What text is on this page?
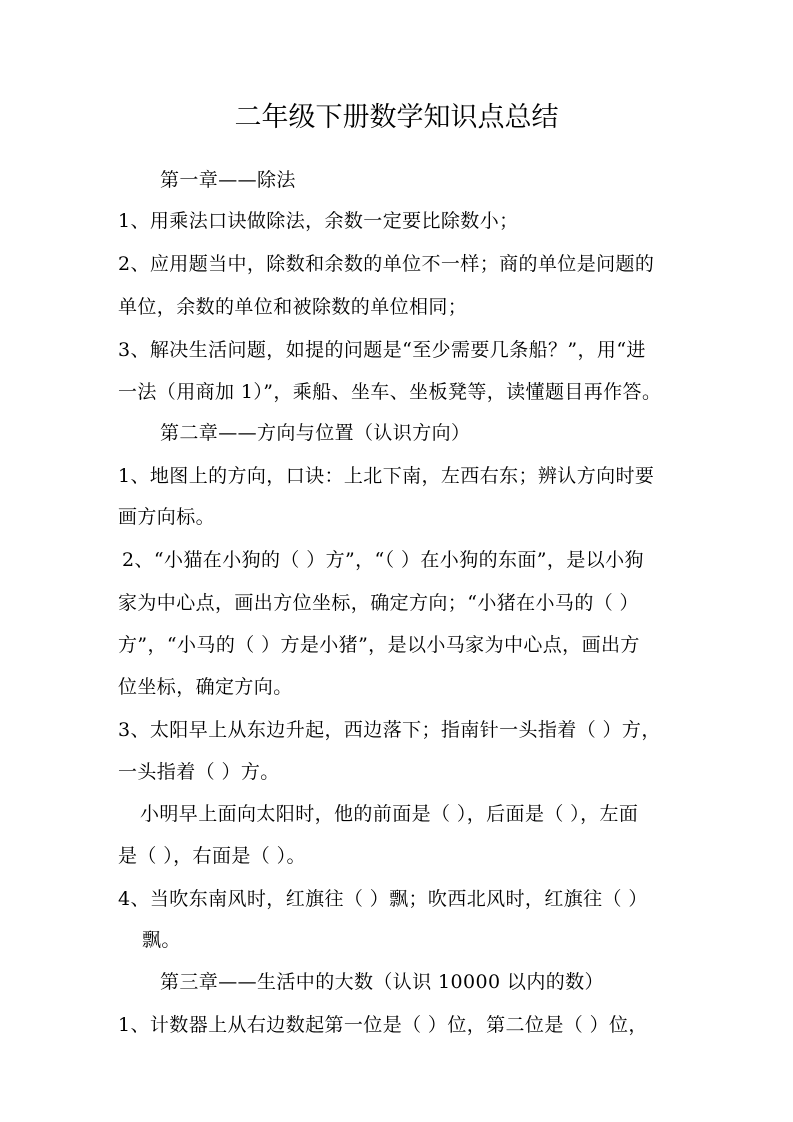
二年级下册数学知识点总结
第一章——除法
1、用乘法口诀做除法，余数一定要比除数小；
2、应用题当中，除数和余数的单位不一样；商的单位是问题的
单位，余数的单位和被除数的单位相同；
3、解决生活问题，如提的问题是“至少需要几条船？”，用“进
一法（用商加 1）”，乘船、坐车、坐板凳等，读懂题目再作答。
第二章——方向与位置（认识方向）
1、地图上的方向，口诀：上北下南，左西右东；辨认方向时要
画方向标。
2、“小猫在小狗的（ ）方”，“（ ）在小狗的东面”，是以小狗
家为中心点，画出方位坐标，确定方向；“小猪在小马的（ ）
方”，“小马的（ ）方是小猪”，是以小马家为中心点，画出方
位坐标，确定方向。
3、太阳早上从东边升起，西边落下；指南针一头指着（ ）方，
一头指着（ ）方。
小明早上面向太阳时，他的前面是（ ），后面是（ ），左面
是（ ），右面是（ ）。
4、当吹东南风时，红旗往（ ）飘；吹西北风时，红旗往（ ）
飘。
第三章——生活中的大数（认识 10000 以内的数）
1、计数器上从右边数起第一位是（ ）位，第二位是（ ）位，
